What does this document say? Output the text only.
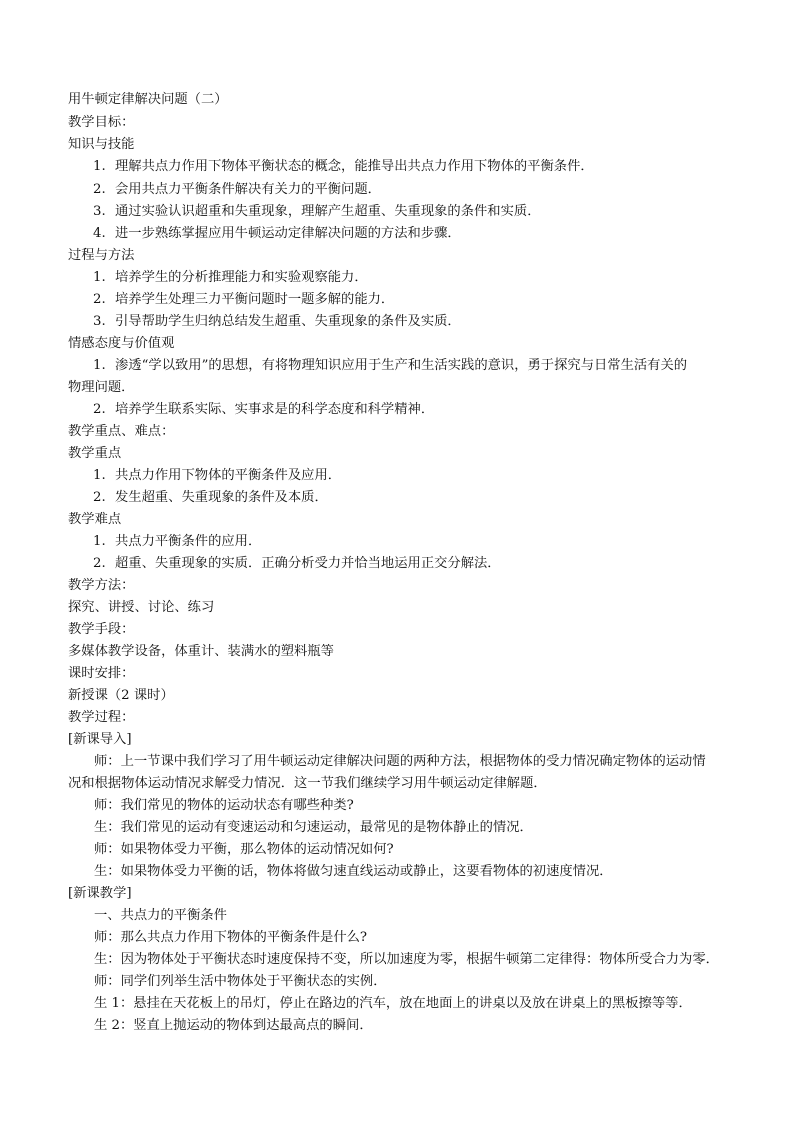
用牛顿定律解决问题（二）
教学目标：
知识与技能
1. 理解共点力作用下物体平衡状态的概念，能推导出共点力作用下物体的平衡条件．
2. 会用共点力平衡条件解决有关力的平衡问题．
3. 通过实验认识超重和失重现象，理解产生超重、失重现象的条件和实质．
4. 进一步熟练掌握应用牛顿运动定律解决问题的方法和步骤．
过程与方法
1. 培养学生的分析推理能力和实验观察能力．
2. 培养学生处理三力平衡问题时一题多解的能力．
3. 引导帮助学生归纳总结发生超重、失重现象的条件及实质．
情感态度与价值观
1. 渗透“学以致用”的思想，有将物理知识应用于生产和生活实践的意识，勇于探究与日常生活有关的
物理问题．
2. 培养学生联系实际、实事求是的科学态度和科学精神．
教学重点、难点：
教学重点
1. 共点力作用下物体的平衡条件及应用．
2. 发生超重、失重现象的条件及本质．
教学难点
1. 共点力平衡条件的应用．
2. 超重、失重现象的实质．正确分析受力并恰当地运用正交分解法．
教学方法：
探究、讲授、讨论、练习
教学手段：
多媒体教学设备，体重计、装满水的塑料瓶等
课时安排：
新授课（2 课时）
教学过程：
[新课导入]
师：上一节课中我们学习了用牛顿运动定律解决问题的两种方法，根据物体的受力情况确定物体的运动情
况和根据物体运动情况求解受力情况．这一节我们继续学习用牛顿运动定律解题．
师：我们常见的物体的运动状态有哪些种类?
生：我们常见的运动有变速运动和匀速运动，最常见的是物体静止的情况．
师：如果物体受力平衡，那么物体的运动情况如何?
生：如果物体受力平衡的话，物体将做匀速直线运动或静止，这要看物体的初速度情况．
[新课教学]
一、共点力的平衡条件
师：那么共点力作用下物体的平衡条件是什么?
生：因为物体处于平衡状态时速度保持不变，所以加速度为零，根据牛顿第二定律得：物体所受合力为零．
师：同学们列举生活中物体处于平衡状态的实例．
生 1：悬挂在天花板上的吊灯，停止在路边的汽车，放在地面上的讲桌以及放在讲桌上的黑板擦等等．
生 2：竖直上抛运动的物体到达最高点的瞬间．
